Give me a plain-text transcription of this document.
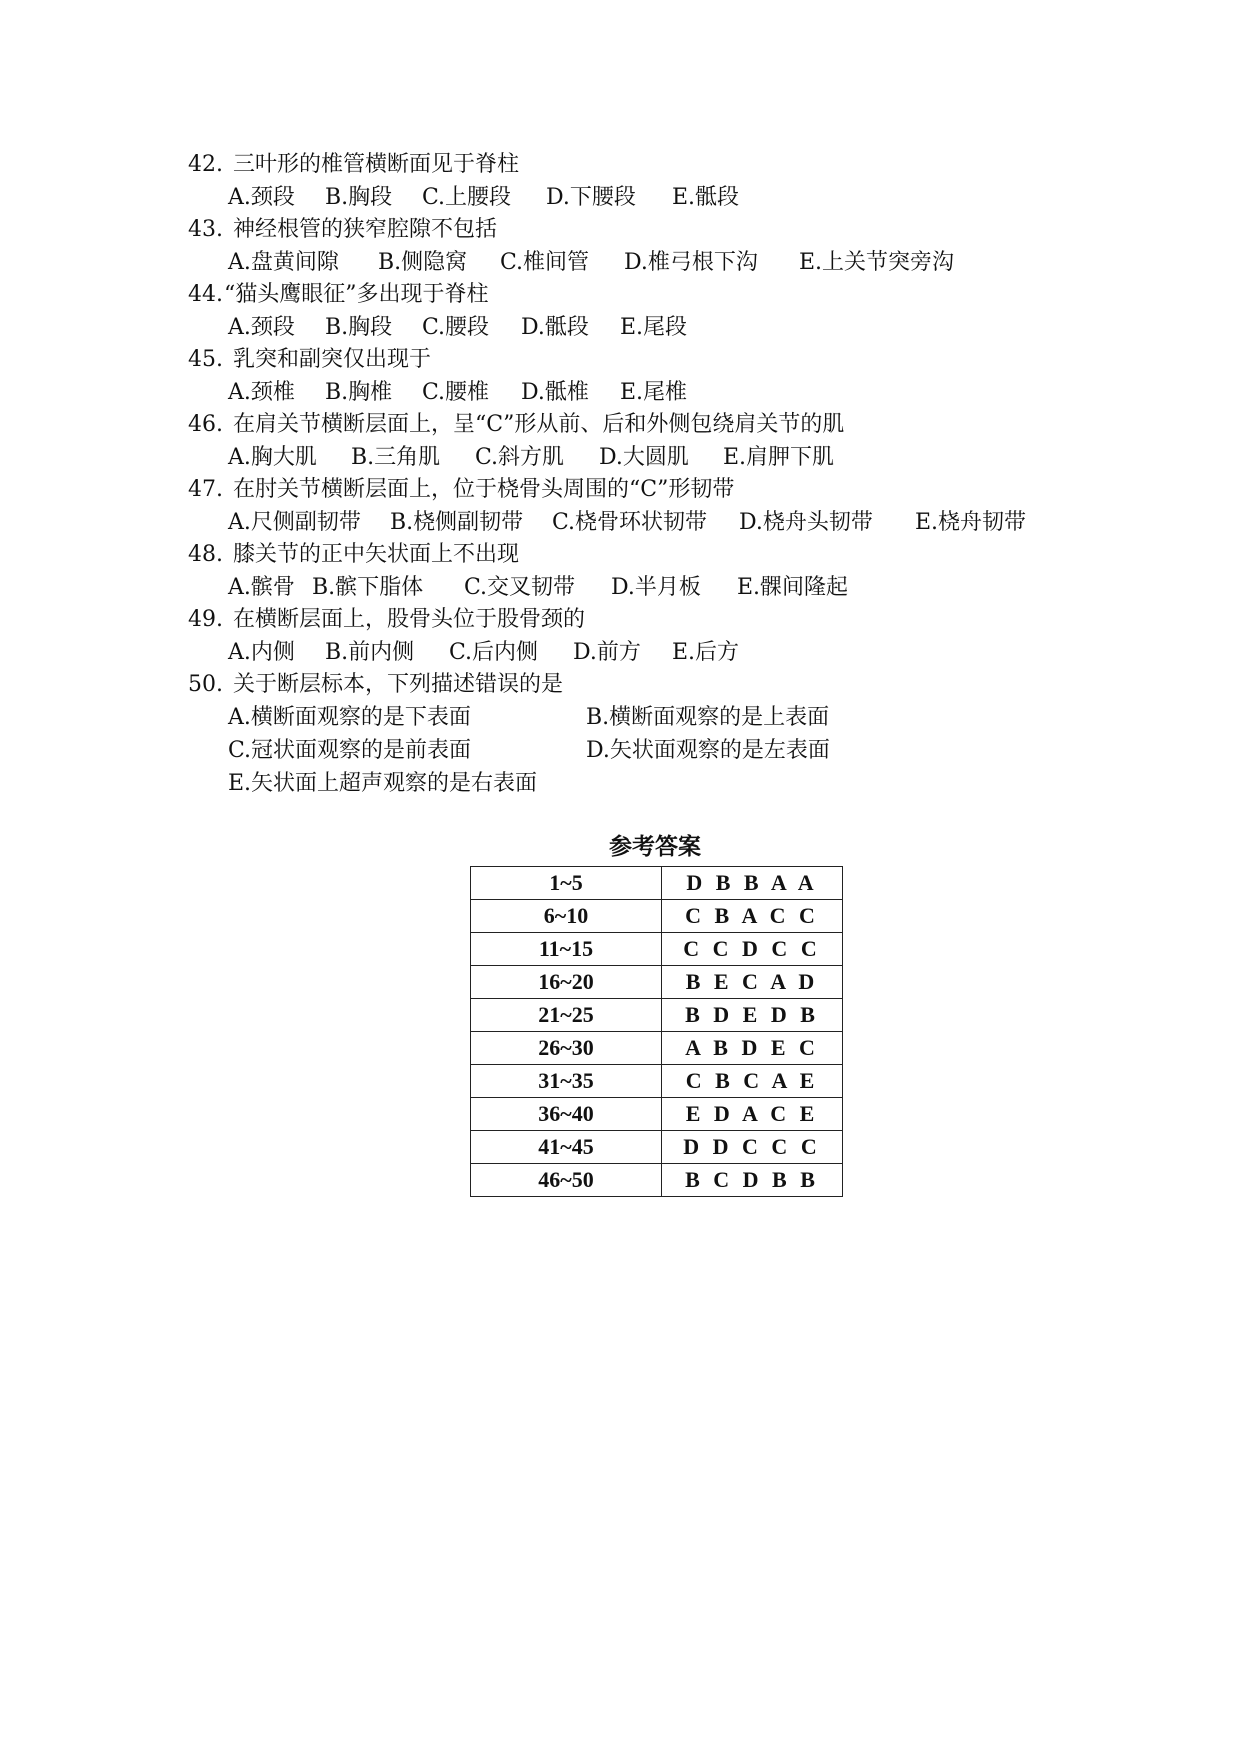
42. 三叶形的椎管横断面见于脊柱

A.颈段

B.胸段

C.上腰段

D.下腰段

E.骶段

43. 神经根管的狭窄腔隙不包括

A.盘黄间隙

B.侧隐窝

C.椎间管

D.椎弓根下沟

E.上关节突旁沟

44. “猫头鹰眼征”多出现于脊柱

A.颈段

B.胸段

C.腰段

D.骶段

E.尾段

45. 乳突和副突仅出现于

A.颈椎

B.胸椎

C.腰椎

D.骶椎

E.尾椎

46. 在肩关节横断层面上，呈“C”形从前、后和外侧包绕肩关节的肌

A.胸大肌

B.三角肌

C.斜方肌

D.大圆肌

E.肩胛下肌

47. 在肘关节横断层面上，位于桡骨头周围的“C”形韧带

A.尺侧副韧带

B.桡侧副韧带

C.桡骨环状韧带

D.桡舟头韧带

E.桡舟韧带

48. 膝关节的正中矢状面上不出现

A.髌骨

B.髌下脂体

C.交叉韧带

D.半月板

E.髁间隆起

49. 在横断层面上，股骨头位于股骨颈的

A.内侧

B.前内侧

C.后内侧

D.前方

E.后方

50. 关于断层标本，下列描述错误的是

A.横断面观察的是下表面

	B.横断面观察的是上表面

C.冠状面观察的是前表面

	D.矢状面观察的是左表面

E.矢状面上超声观察的是右表面

参考答案
1~5	D B B A A
6~10	C B A C C
11~15	C C D C C
16~20	B E C A D
21~25	B D E D B
26~30	A B D E C
31~35	C B C A E
36~40	E D A C E
41~45	D D C C C
46~50	B C D B B
